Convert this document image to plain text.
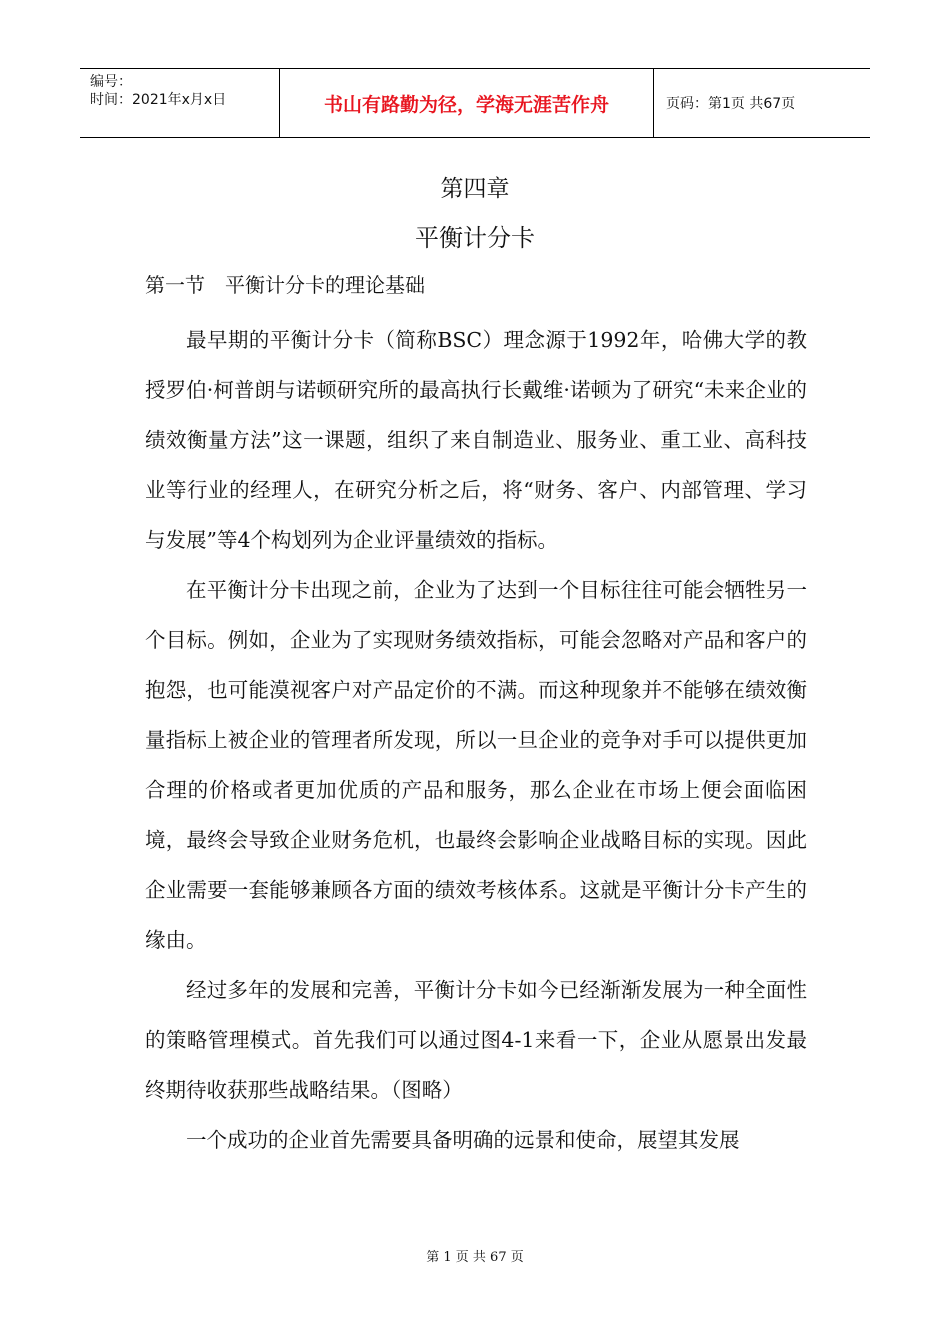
编号：
时间：2021年x月x日	书山有路勤为径，学海无涯苦作舟	页码：第1页 共67页
第四章
平衡计分卡
第一节　平衡计分卡的理论基础

最早期的平衡计分卡（简称BSC）理念源于1992年，哈佛大学的教授罗伯·柯普朗与诺顿研究所的最高执行长戴维·诺顿为了研究“未来企业的绩效衡量方法”这一课题，组织了来自制造业、服务业、重工业、高科技业等行业的经理人，在研究分析之后，将“财务、客户、内部管理、学习与发展”等4个构划列为企业评量绩效的指标。

在平衡计分卡出现之前，企业为了达到一个目标往往可能会牺牲另一个目标。例如，企业为了实现财务绩效指标，可能会忽略对产品和客户的抱怨，也可能漠视客户对产品定价的不满。而这种现象并不能够在绩效衡量指标上被企业的管理者所发现，所以一旦企业的竞争对手可以提供更加合理的价格或者更加优质的产品和服务，那么企业在市场上便会面临困境，最终会导致企业财务危机，也最终会影响企业战略目标的实现。因此企业需要一套能够兼顾各方面的绩效考核体系。这就是平衡计分卡产生的缘由。

经过多年的发展和完善，平衡计分卡如今已经渐渐发展为一种全面性的策略管理模式。首先我们可以通过图4-1来看一下，企业从愿景出发最终期待收获那些战略结果。（图略）

一个成功的企业首先需要具备明确的远景和使命，展望其发展

第 1 页 共 67 页
